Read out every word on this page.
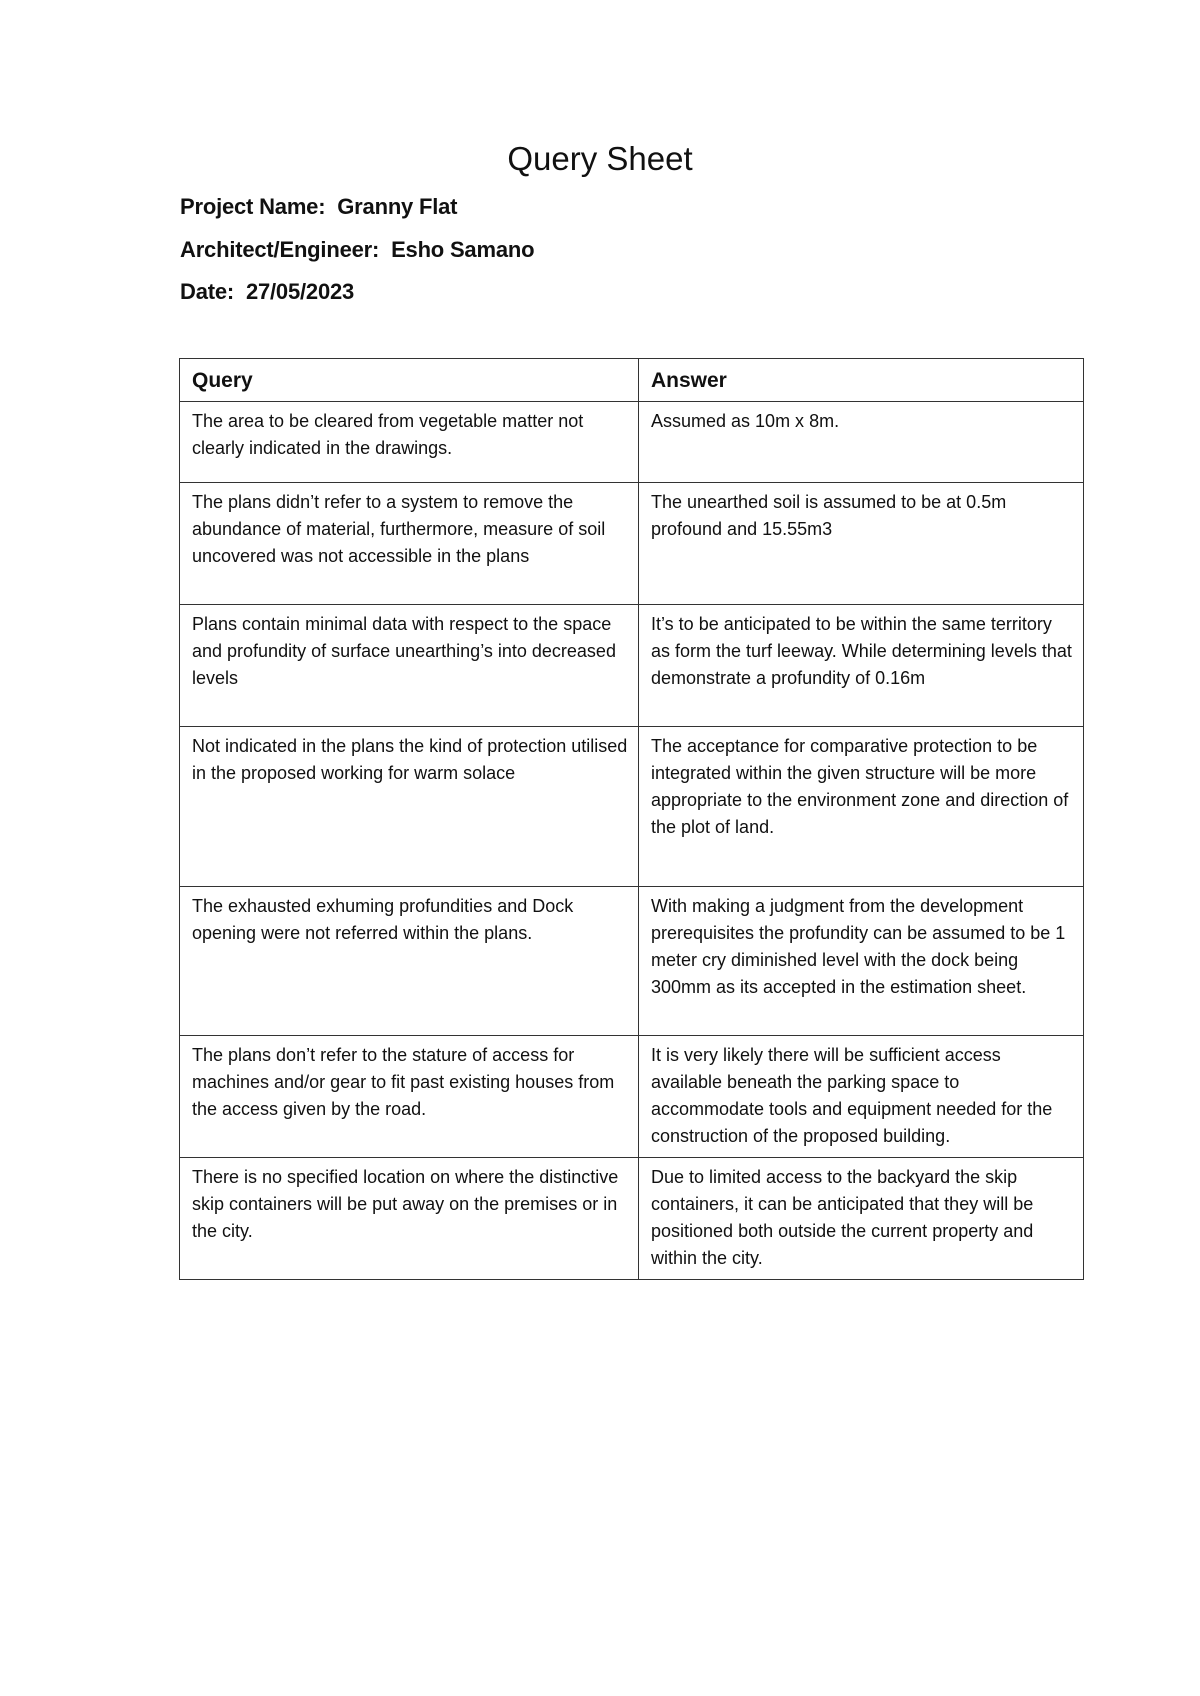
Query Sheet
Project Name: Granny Flat
Architect/Engineer: Esho Samano
Date: 27/05/2023
Query	Answer
The area to be cleared from vegetable matter not clearly indicated in the drawings.	Assumed as 10m x 8m.
The plans didn’t refer to a system to remove the abundance of material, furthermore, measure of soil uncovered was not accessible in the plans	The unearthed soil is assumed to be at 0.5m profound and 15.55m3
Plans contain minimal data with respect to the space and profundity of surface unearthing’s into decreased levels	It’s to be anticipated to be within the same territory as form the turf leeway. While determining levels that demonstrate a profundity of 0.16m
Not indicated in the plans the kind of protection utilised in the proposed working for warm solace	The acceptance for comparative protection to be integrated within the given structure will be more appropriate to the environment zone and direction of the plot of land.
The exhausted exhuming profundities and Dock opening were not referred within the plans.	With making a judgment from the development prerequisites the profundity can be assumed to be 1 meter cry diminished level with the dock being 300mm as its accepted in the estimation sheet.
The plans don’t refer to the stature of access for machines and/or gear to fit past existing houses from the access given by the road.	It is very likely there will be sufficient access available beneath the parking space to accommodate tools and equipment needed for the construction of the proposed building.
There is no specified location on where the distinctive skip containers will be put away on the premises or in the city.	Due to limited access to the backyard the skip containers, it can be anticipated that they will be positioned both outside the current property and within the city.
